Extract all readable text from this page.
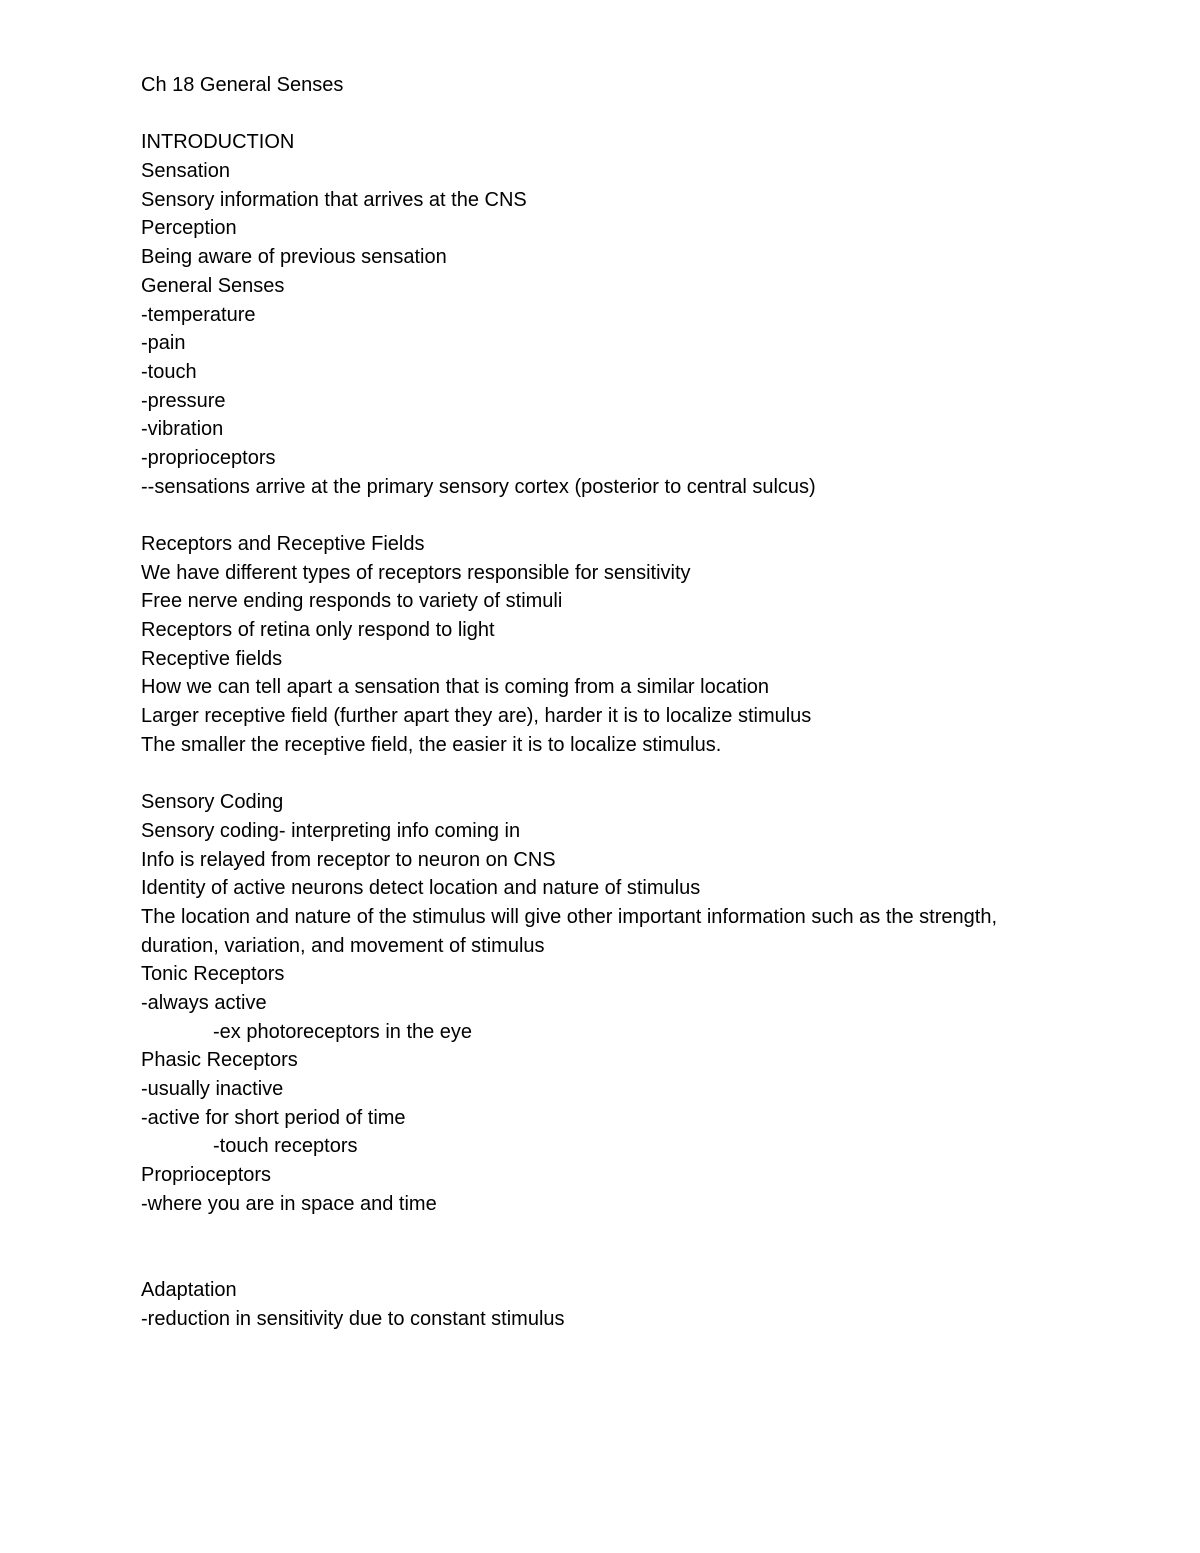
Ch 18 General Senses

INTRODUCTION

Sensation

Sensory information that arrives at the CNS

Perception

Being aware of previous sensation

General Senses

-temperature

-pain

-touch

-pressure

-vibration

-proprioceptors

--sensations arrive at the primary sensory cortex (posterior to central sulcus)

Receptors and Receptive Fields

We have different types of receptors responsible for sensitivity

Free nerve ending responds to variety of stimuli

Receptors of retina only respond to light

Receptive fields

How we can tell apart a sensation that is coming from a similar location

Larger receptive field (further apart they are), harder it is to localize stimulus

The smaller the receptive field, the easier it is to localize stimulus.

Sensory Coding

Sensory coding- interpreting info coming in

Info is relayed from receptor to neuron on CNS

Identity of active neurons detect location and nature of stimulus

The location and nature of the stimulus will give other important information such as the strength, duration, variation, and movement of stimulus

Tonic Receptors

-always active

-ex photoreceptors in the eye

Phasic Receptors

-usually inactive

-active for short period of time

-touch receptors

Proprioceptors

-where you are in space and time

Adaptation

-reduction in sensitivity due to constant stimulus
